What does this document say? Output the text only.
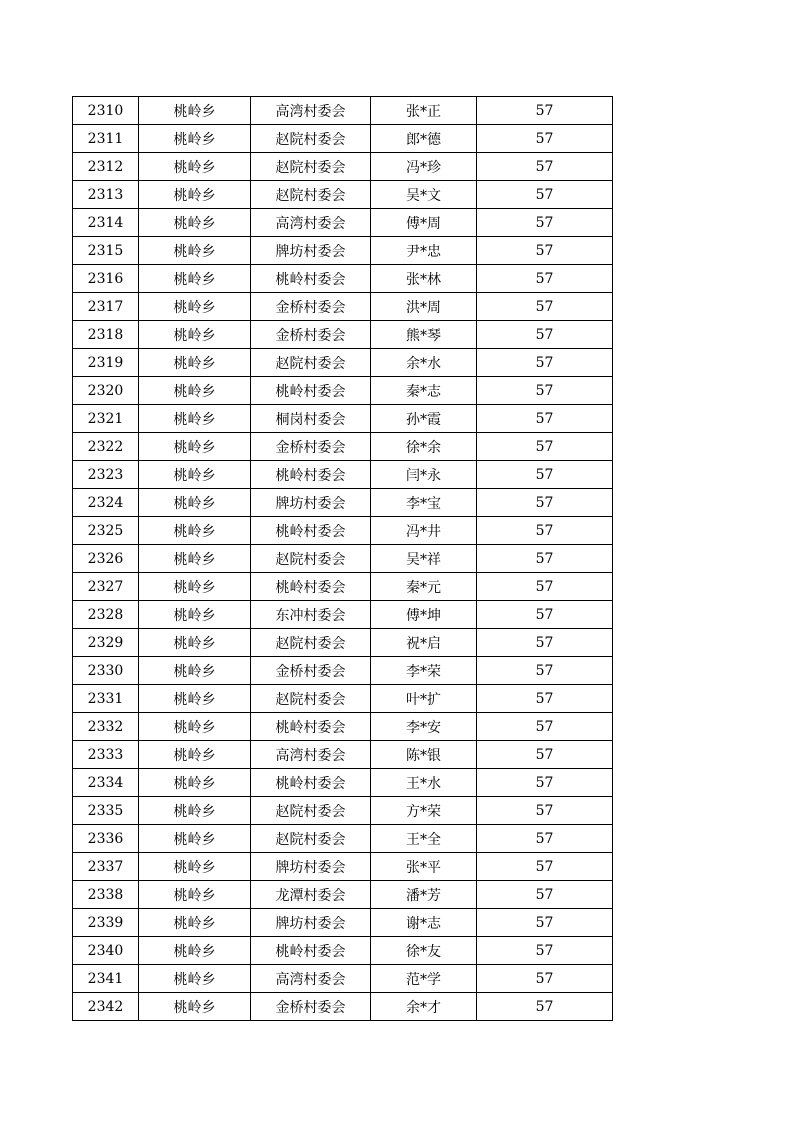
2310	桃岭乡	高湾村委会	张*正	57
2311	桃岭乡	赵院村委会	郎*德	57
2312	桃岭乡	赵院村委会	冯*珍	57
2313	桃岭乡	赵院村委会	吴*文	57
2314	桃岭乡	高湾村委会	傅*周	57
2315	桃岭乡	牌坊村委会	尹*忠	57
2316	桃岭乡	桃岭村委会	张*林	57
2317	桃岭乡	金桥村委会	洪*周	57
2318	桃岭乡	金桥村委会	熊*琴	57
2319	桃岭乡	赵院村委会	余*水	57
2320	桃岭乡	桃岭村委会	秦*志	57
2321	桃岭乡	桐岗村委会	孙*霞	57
2322	桃岭乡	金桥村委会	徐*余	57
2323	桃岭乡	桃岭村委会	闫*永	57
2324	桃岭乡	牌坊村委会	李*宝	57
2325	桃岭乡	桃岭村委会	冯*井	57
2326	桃岭乡	赵院村委会	吴*祥	57
2327	桃岭乡	桃岭村委会	秦*元	57
2328	桃岭乡	东冲村委会	傅*坤	57
2329	桃岭乡	赵院村委会	祝*启	57
2330	桃岭乡	金桥村委会	李*荣	57
2331	桃岭乡	赵院村委会	叶*扩	57
2332	桃岭乡	桃岭村委会	李*安	57
2333	桃岭乡	高湾村委会	陈*银	57
2334	桃岭乡	桃岭村委会	王*水	57
2335	桃岭乡	赵院村委会	方*荣	57
2336	桃岭乡	赵院村委会	王*全	57
2337	桃岭乡	牌坊村委会	张*平	57
2338	桃岭乡	龙潭村委会	潘*芳	57
2339	桃岭乡	牌坊村委会	谢*志	57
2340	桃岭乡	桃岭村委会	徐*友	57
2341	桃岭乡	高湾村委会	范*学	57
2342	桃岭乡	金桥村委会	余*才	57
